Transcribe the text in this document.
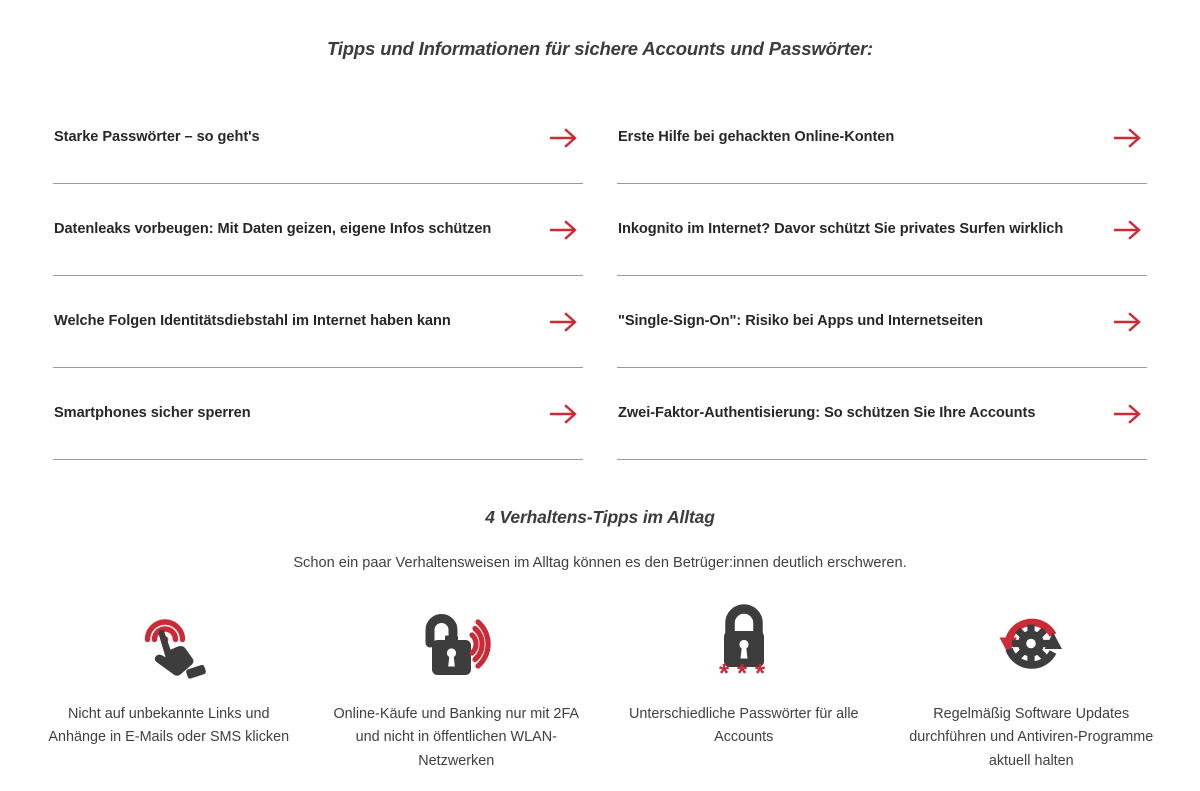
Tipps und Informationen für sichere Accounts und Passwörter:
Starke Passwörter – so geht's	Erste Hilfe bei gehackten Online-Konten
Datenleaks vorbeugen: Mit Daten geizen, eigene Infos schützen	Inkognito im Internet? Davor schützt Sie privates Surfen wirklich
Welche Folgen Identitätsdiebstahl im Internet haben kann	"Single-Sign-On": Risiko bei Apps und Internetseiten
Smartphones sicher sperren	Zwei-Faktor-Authentisierung: So schützen Sie Ihre Accounts
4 Verhaltens-Tipps im Alltag

Schon ein paar Verhaltensweisen im Alltag können es den Betrüger:innen deutlich erschweren.

Nicht auf unbekannte Links und Anhänge in E-Mails oder SMS klicken
Online-Käufe und Banking nur mit 2FA und nicht in öffentlichen WLAN-Netzwerken
* * *
Unterschiedliche Passwörter für alle Accounts
Regelmäßig Software Updates durchführen und Antiviren-Programme aktuell halten
